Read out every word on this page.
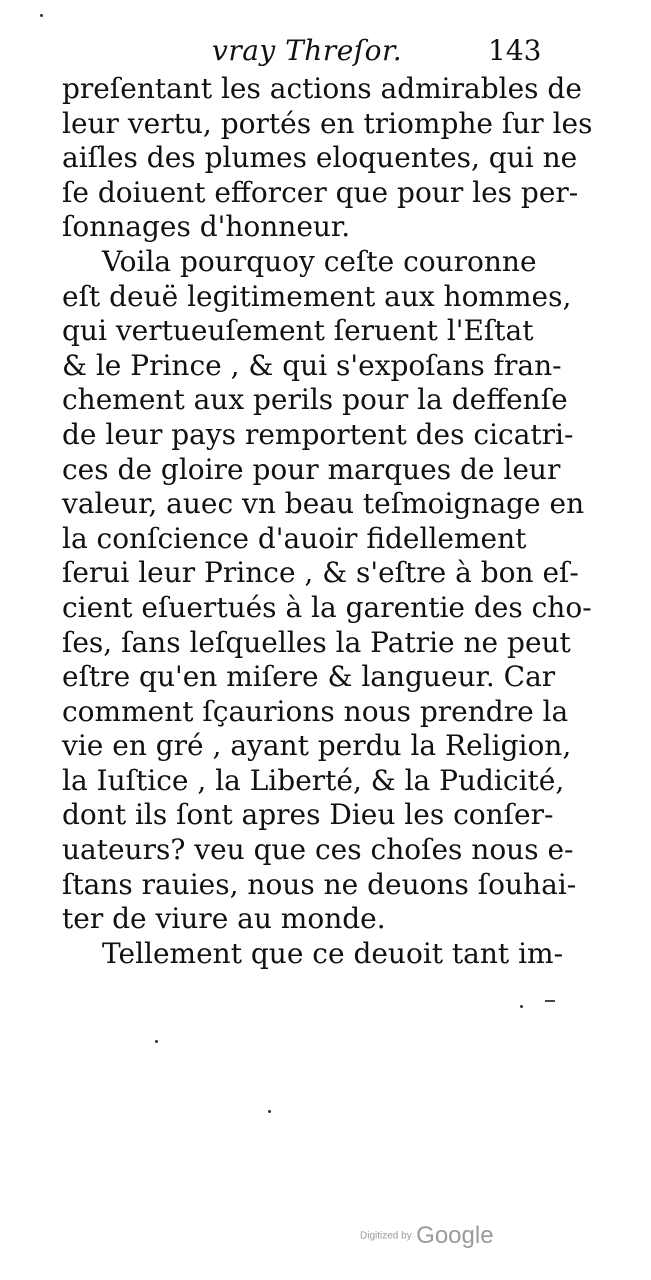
vray Threſor.	143
preſentant les actions admirables de
leur vertu, portés en triomphe ſur les
aiſles des plumes eloquentes, qui ne
ſe doiuent efforcer que pour les per-
ſonnages d'honneur.
Voila pourquoy ceſte couronne
eſt deuë legitimement aux hommes,
qui vertueuſement ſeruent l'Eſtat
& le Prince , & qui s'expoſans fran-
chement aux perils pour la deffenſe
de leur pays remportent des cicatri-
ces de gloire pour marques de leur
valeur, auec vn beau teſmoignage en
la conſcience d'auoir fidellement
ſerui leur Prince , & s'eſtre à bon eſ-
cient eſuertués à la garentie des cho-
ſes, ſans leſquelles la Patrie ne peut
eſtre qu'en miſere & langueur. Car
comment ſçaurions nous prendre la
vie en gré , ayant perdu la Religion,
la Iuſtice , la Liberté, & la Pudicité,
dont ils ſont apres Dieu les conſer-
uateurs? veu que ces choſes nous e-
ſtans rauies, nous ne deuons ſouhai-
ter de viure au monde.
Tellement que ce deuoit tant im-
Digitized by Google
